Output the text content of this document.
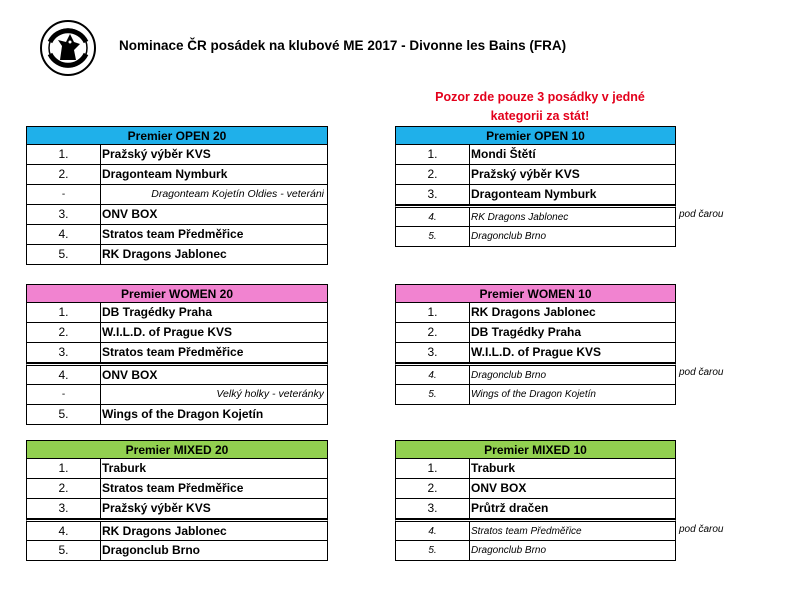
Nominace ČR posádek na klubové ME 2017 - Divonne les Bains (FRA)
Pozor zde pouze 3 posádky v jedné
kategorii za stát!
Premier OPEN 20
1.	Pražský výběr KVS
2.	Dragonteam Nymburk
-	Dragonteam Kojetín Oldies - veteráni
3.	ONV BOX
4.	Stratos team Předměřice
5.	RK Dragons Jablonec
Premier OPEN 10
1.	Mondi Štětí
2.	Pražský výběr KVS
3.	Dragonteam Nymburk
4.	RK Dragons Jablonec
5.	Dragonclub Brno
pod čarou
Premier WOMEN 20
1.	DB Tragédky Praha
2.	W.I.L.D. of Prague KVS
3.	Stratos team Předměřice
4.	ONV BOX
-	Velký holky - veteránky
5.	Wings of the Dragon Kojetín
Premier WOMEN 10
1.	RK Dragons Jablonec
2.	DB Tragédky Praha
3.	W.I.L.D. of Prague KVS
4.	Dragonclub Brno
5.	Wings of the Dragon Kojetín
pod čarou
Premier MIXED 20
1.	Traburk
2.	Stratos team Předměřice
3.	Pražský výběr KVS
4.	RK Dragons Jablonec
5.	Dragonclub Brno
Premier MIXED 10
1.	Traburk
2.	ONV BOX
3.	Průtrž dračen
4.	Stratos team Předměřice
5.	Dragonclub Brno
pod čarou
